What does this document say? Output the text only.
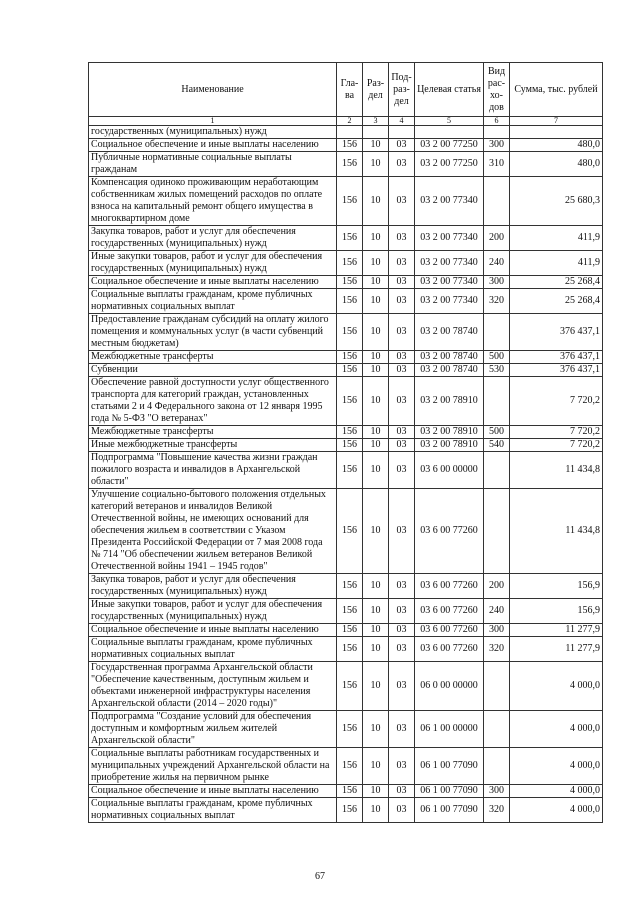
Наименование	Гла-ва	Раз-дел	Под-раз-дел	Целевая статья	Вид рас-хо-дов	Сумма, тыс. рублей
1	2	3	4	5	6	7
государственных (муниципальных) нужд						
Социальное обеспечение и иные выплаты населению	156	10	03	03 2 00 77250	300	480,0
Публичные нормативные социальные выплаты гражданам	156	10	03	03 2 00 77250	310	480,0
Компенсация одиноко проживающим неработающим собственникам жилых помещений расходов по оплате взноса на капитальный ремонт общего имущества в многоквартирном доме	156	10	03	03 2 00 77340		25 680,3
Закупка товаров, работ и услуг для обеспечения государственных (муниципальных) нужд	156	10	03	03 2 00 77340	200	411,9
Иные закупки товаров, работ и услуг для обеспечения государственных (муниципальных) нужд	156	10	03	03 2 00 77340	240	411,9
Социальное обеспечение и иные выплаты населению	156	10	03	03 2 00 77340	300	25 268,4
Социальные выплаты гражданам, кроме публичных нормативных социальных выплат	156	10	03	03 2 00 77340	320	25 268,4
Предоставление гражданам субсидий на оплату жилого помещения и коммунальных услуг (в части субвенций местным бюджетам)	156	10	03	03 2 00 78740		376 437,1
Межбюджетные трансферты	156	10	03	03 2 00 78740	500	376 437,1
Субвенции	156	10	03	03 2 00 78740	530	376 437,1
Обеспечение равной доступности услуг общественного транспорта для категорий граждан, установленных статьями 2 и 4 Федерального закона от 12 января 1995 года № 5-ФЗ "О ветеранах"	156	10	03	03 2 00 78910		7 720,2
Межбюджетные трансферты	156	10	03	03 2 00 78910	500	7 720,2
Иные межбюджетные трансферты	156	10	03	03 2 00 78910	540	7 720,2
Подпрограмма "Повышение качества жизни граждан пожилого возраста и инвалидов в Архангельской области"	156	10	03	03 6 00 00000		11 434,8
Улучшение социально-бытового положения отдельных категорий ветеранов и инвалидов Великой Отечественной войны, не имеющих оснований для обеспечения жильем в соответствии с Указом Президента Российской Федерации от 7 мая 2008 года № 714 "Об обеспечении жильем ветеранов Великой Отечественной войны 1941 – 1945 годов"	156	10	03	03 6 00 77260		11 434,8
Закупка товаров, работ и услуг для обеспечения государственных (муниципальных) нужд	156	10	03	03 6 00 77260	200	156,9
Иные закупки товаров, работ и услуг для обеспечения государственных (муниципальных) нужд	156	10	03	03 6 00 77260	240	156,9
Социальное обеспечение и иные выплаты населению	156	10	03	03 6 00 77260	300	11 277,9
Социальные выплаты гражданам, кроме публичных нормативных социальных выплат	156	10	03	03 6 00 77260	320	11 277,9
Государственная программа Архангельской области "Обеспечение качественным, доступным жильем и объектами инженерной инфраструктуры населения Архангельской области (2014 – 2020 годы)"	156	10	03	06 0 00 00000		4 000,0
Подпрограмма "Создание условий для обеспечения доступным и комфортным жильем жителей Архангельской области"	156	10	03	06 1 00 00000		4 000,0
Социальные выплаты работникам государственных и муниципальных учреждений Архангельской области на приобретение жилья на первичном рынке	156	10	03	06 1 00 77090		4 000,0
Социальное обеспечение и иные выплаты населению	156	10	03	06 1 00 77090	300	4 000,0
Социальные выплаты гражданам, кроме публичных нормативных социальных выплат	156	10	03	06 1 00 77090	320	4 000,0
67
